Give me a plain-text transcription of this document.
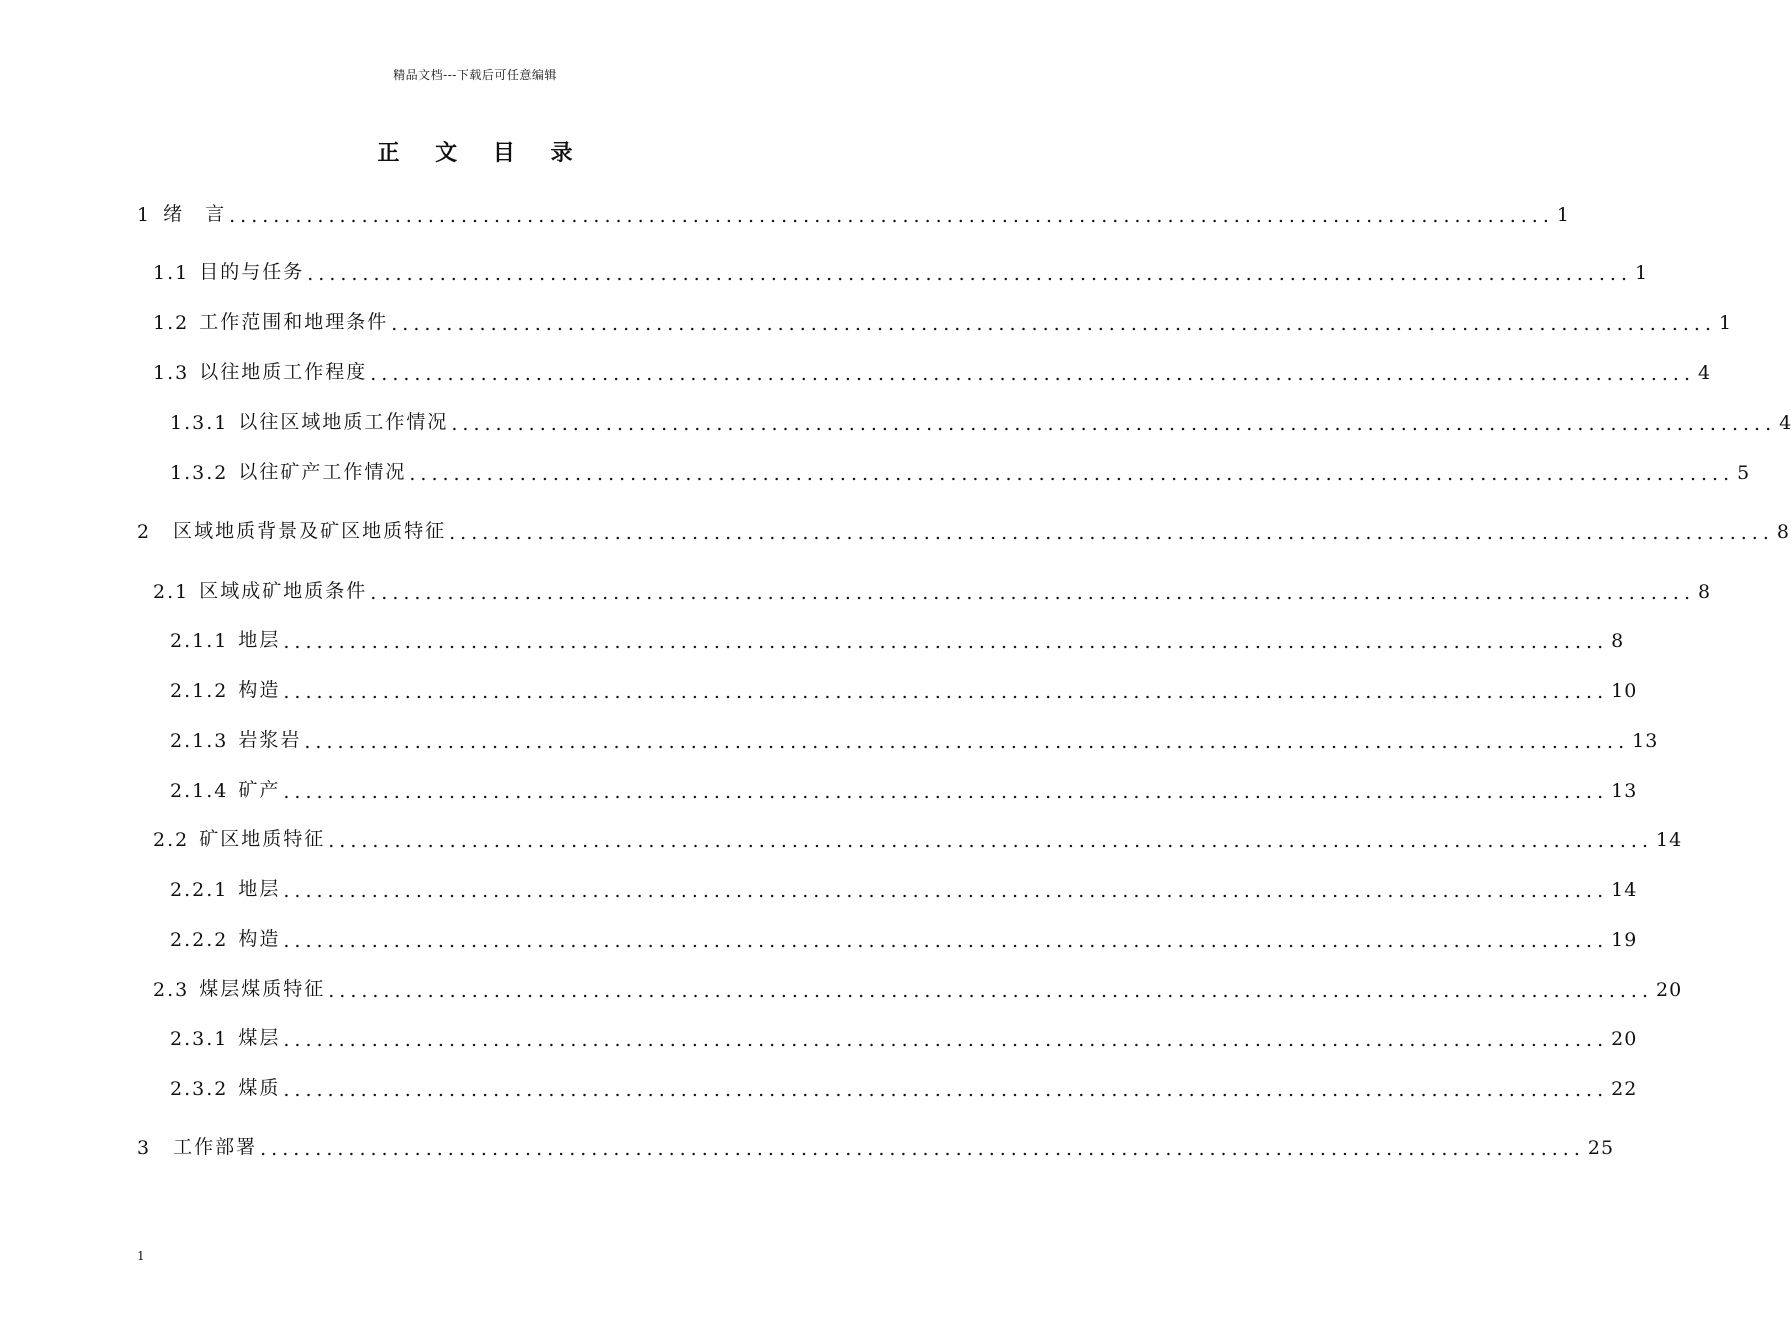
精品文档---下载后可任意编辑
正 文 目 录
1 绪　言 ........................................................................................................................ 1
1.1 目的与任务 ........................................................................................................................ 1
1.2 工作范围和地理条件 ........................................................................................................................ 1
1.3 以往地质工作程度 ........................................................................................................................ 4
1.3.1 以往区域地质工作情况 ........................................................................................................................ 4
1.3.2 以往矿产工作情况 ........................................................................................................................ 5
2 区域地质背景及矿区地质特征 ........................................................................................................................ 8
2.1 区域成矿地质条件 ........................................................................................................................ 8
2.1.1 地层 ........................................................................................................................ 8
2.1.2 构造 ........................................................................................................................ 10
2.1.3 岩浆岩 ........................................................................................................................ 13
2.1.4 矿产 ........................................................................................................................ 13
2.2 矿区地质特征 ........................................................................................................................ 14
2.2.1 地层 ........................................................................................................................ 14
2.2.2 构造 ........................................................................................................................ 19
2.3 煤层煤质特征 ........................................................................................................................ 20
2.3.1 煤层 ........................................................................................................................ 20
2.3.2 煤质 ........................................................................................................................ 22
3 工作部署 ........................................................................................................................ 25
1
